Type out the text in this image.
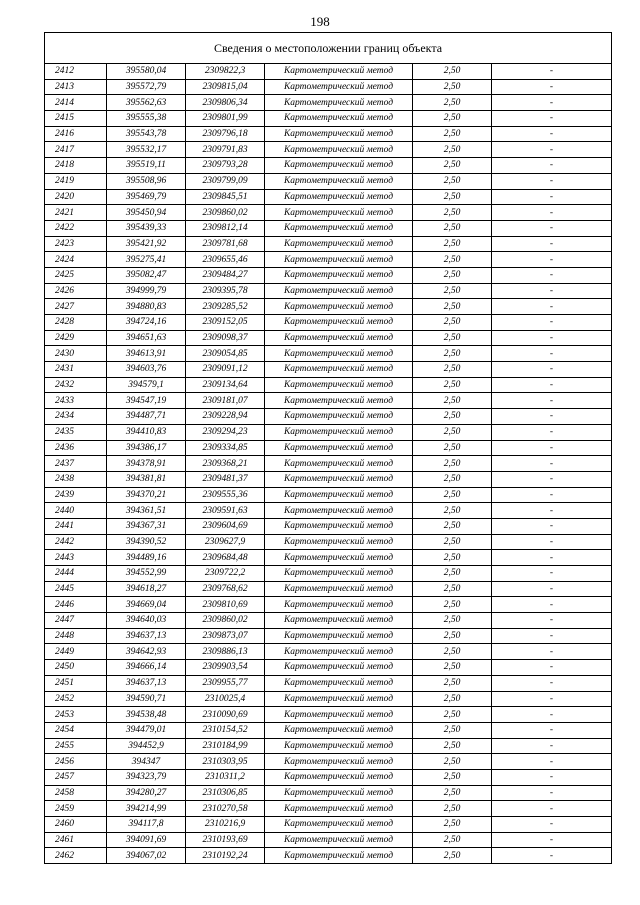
198
Сведения о местоположении границ объекта
2412	395580,04	2309822,3	Картометрический метод	2,50	-
2413	395572,79	2309815,04	Картометрический метод	2,50	-
2414	395562,63	2309806,34	Картометрический метод	2,50	-
2415	395555,38	2309801,99	Картометрический метод	2,50	-
2416	395543,78	2309796,18	Картометрический метод	2,50	-
2417	395532,17	2309791,83	Картометрический метод	2,50	-
2418	395519,11	2309793,28	Картометрический метод	2,50	-
2419	395508,96	2309799,09	Картометрический метод	2,50	-
2420	395469,79	2309845,51	Картометрический метод	2,50	-
2421	395450,94	2309860,02	Картометрический метод	2,50	-
2422	395439,33	2309812,14	Картометрический метод	2,50	-
2423	395421,92	2309781,68	Картометрический метод	2,50	-
2424	395275,41	2309655,46	Картометрический метод	2,50	-
2425	395082,47	2309484,27	Картометрический метод	2,50	-
2426	394999,79	2309395,78	Картометрический метод	2,50	-
2427	394880,83	2309285,52	Картометрический метод	2,50	-
2428	394724,16	2309152,05	Картометрический метод	2,50	-
2429	394651,63	2309098,37	Картометрический метод	2,50	-
2430	394613,91	2309054,85	Картометрический метод	2,50	-
2431	394603,76	2309091,12	Картометрический метод	2,50	-
2432	394579,1	2309134,64	Картометрический метод	2,50	-
2433	394547,19	2309181,07	Картометрический метод	2,50	-
2434	394487,71	2309228,94	Картометрический метод	2,50	-
2435	394410,83	2309294,23	Картометрический метод	2,50	-
2436	394386,17	2309334,85	Картометрический метод	2,50	-
2437	394378,91	2309368,21	Картометрический метод	2,50	-
2438	394381,81	2309481,37	Картометрический метод	2,50	-
2439	394370,21	2309555,36	Картометрический метод	2,50	-
2440	394361,51	2309591,63	Картометрический метод	2,50	-
2441	394367,31	2309604,69	Картометрический метод	2,50	-
2442	394390,52	2309627,9	Картометрический метод	2,50	-
2443	394489,16	2309684,48	Картометрический метод	2,50	-
2444	394552,99	2309722,2	Картометрический метод	2,50	-
2445	394618,27	2309768,62	Картометрический метод	2,50	-
2446	394669,04	2309810,69	Картометрический метод	2,50	-
2447	394640,03	2309860,02	Картометрический метод	2,50	-
2448	394637,13	2309873,07	Картометрический метод	2,50	-
2449	394642,93	2309886,13	Картометрический метод	2,50	-
2450	394666,14	2309903,54	Картометрический метод	2,50	-
2451	394637,13	2309955,77	Картометрический метод	2,50	-
2452	394590,71	2310025,4	Картометрический метод	2,50	-
2453	394538,48	2310090,69	Картометрический метод	2,50	-
2454	394479,01	2310154,52	Картометрический метод	2,50	-
2455	394452,9	2310184,99	Картометрический метод	2,50	-
2456	394347	2310303,95	Картометрический метод	2,50	-
2457	394323,79	2310311,2	Картометрический метод	2,50	-
2458	394280,27	2310306,85	Картометрический метод	2,50	-
2459	394214,99	2310270,58	Картометрический метод	2,50	-
2460	394117,8	2310216,9	Картометрический метод	2,50	-
2461	394091,69	2310193,69	Картометрический метод	2,50	-
2462	394067,02	2310192,24	Картометрический метод	2,50	-
